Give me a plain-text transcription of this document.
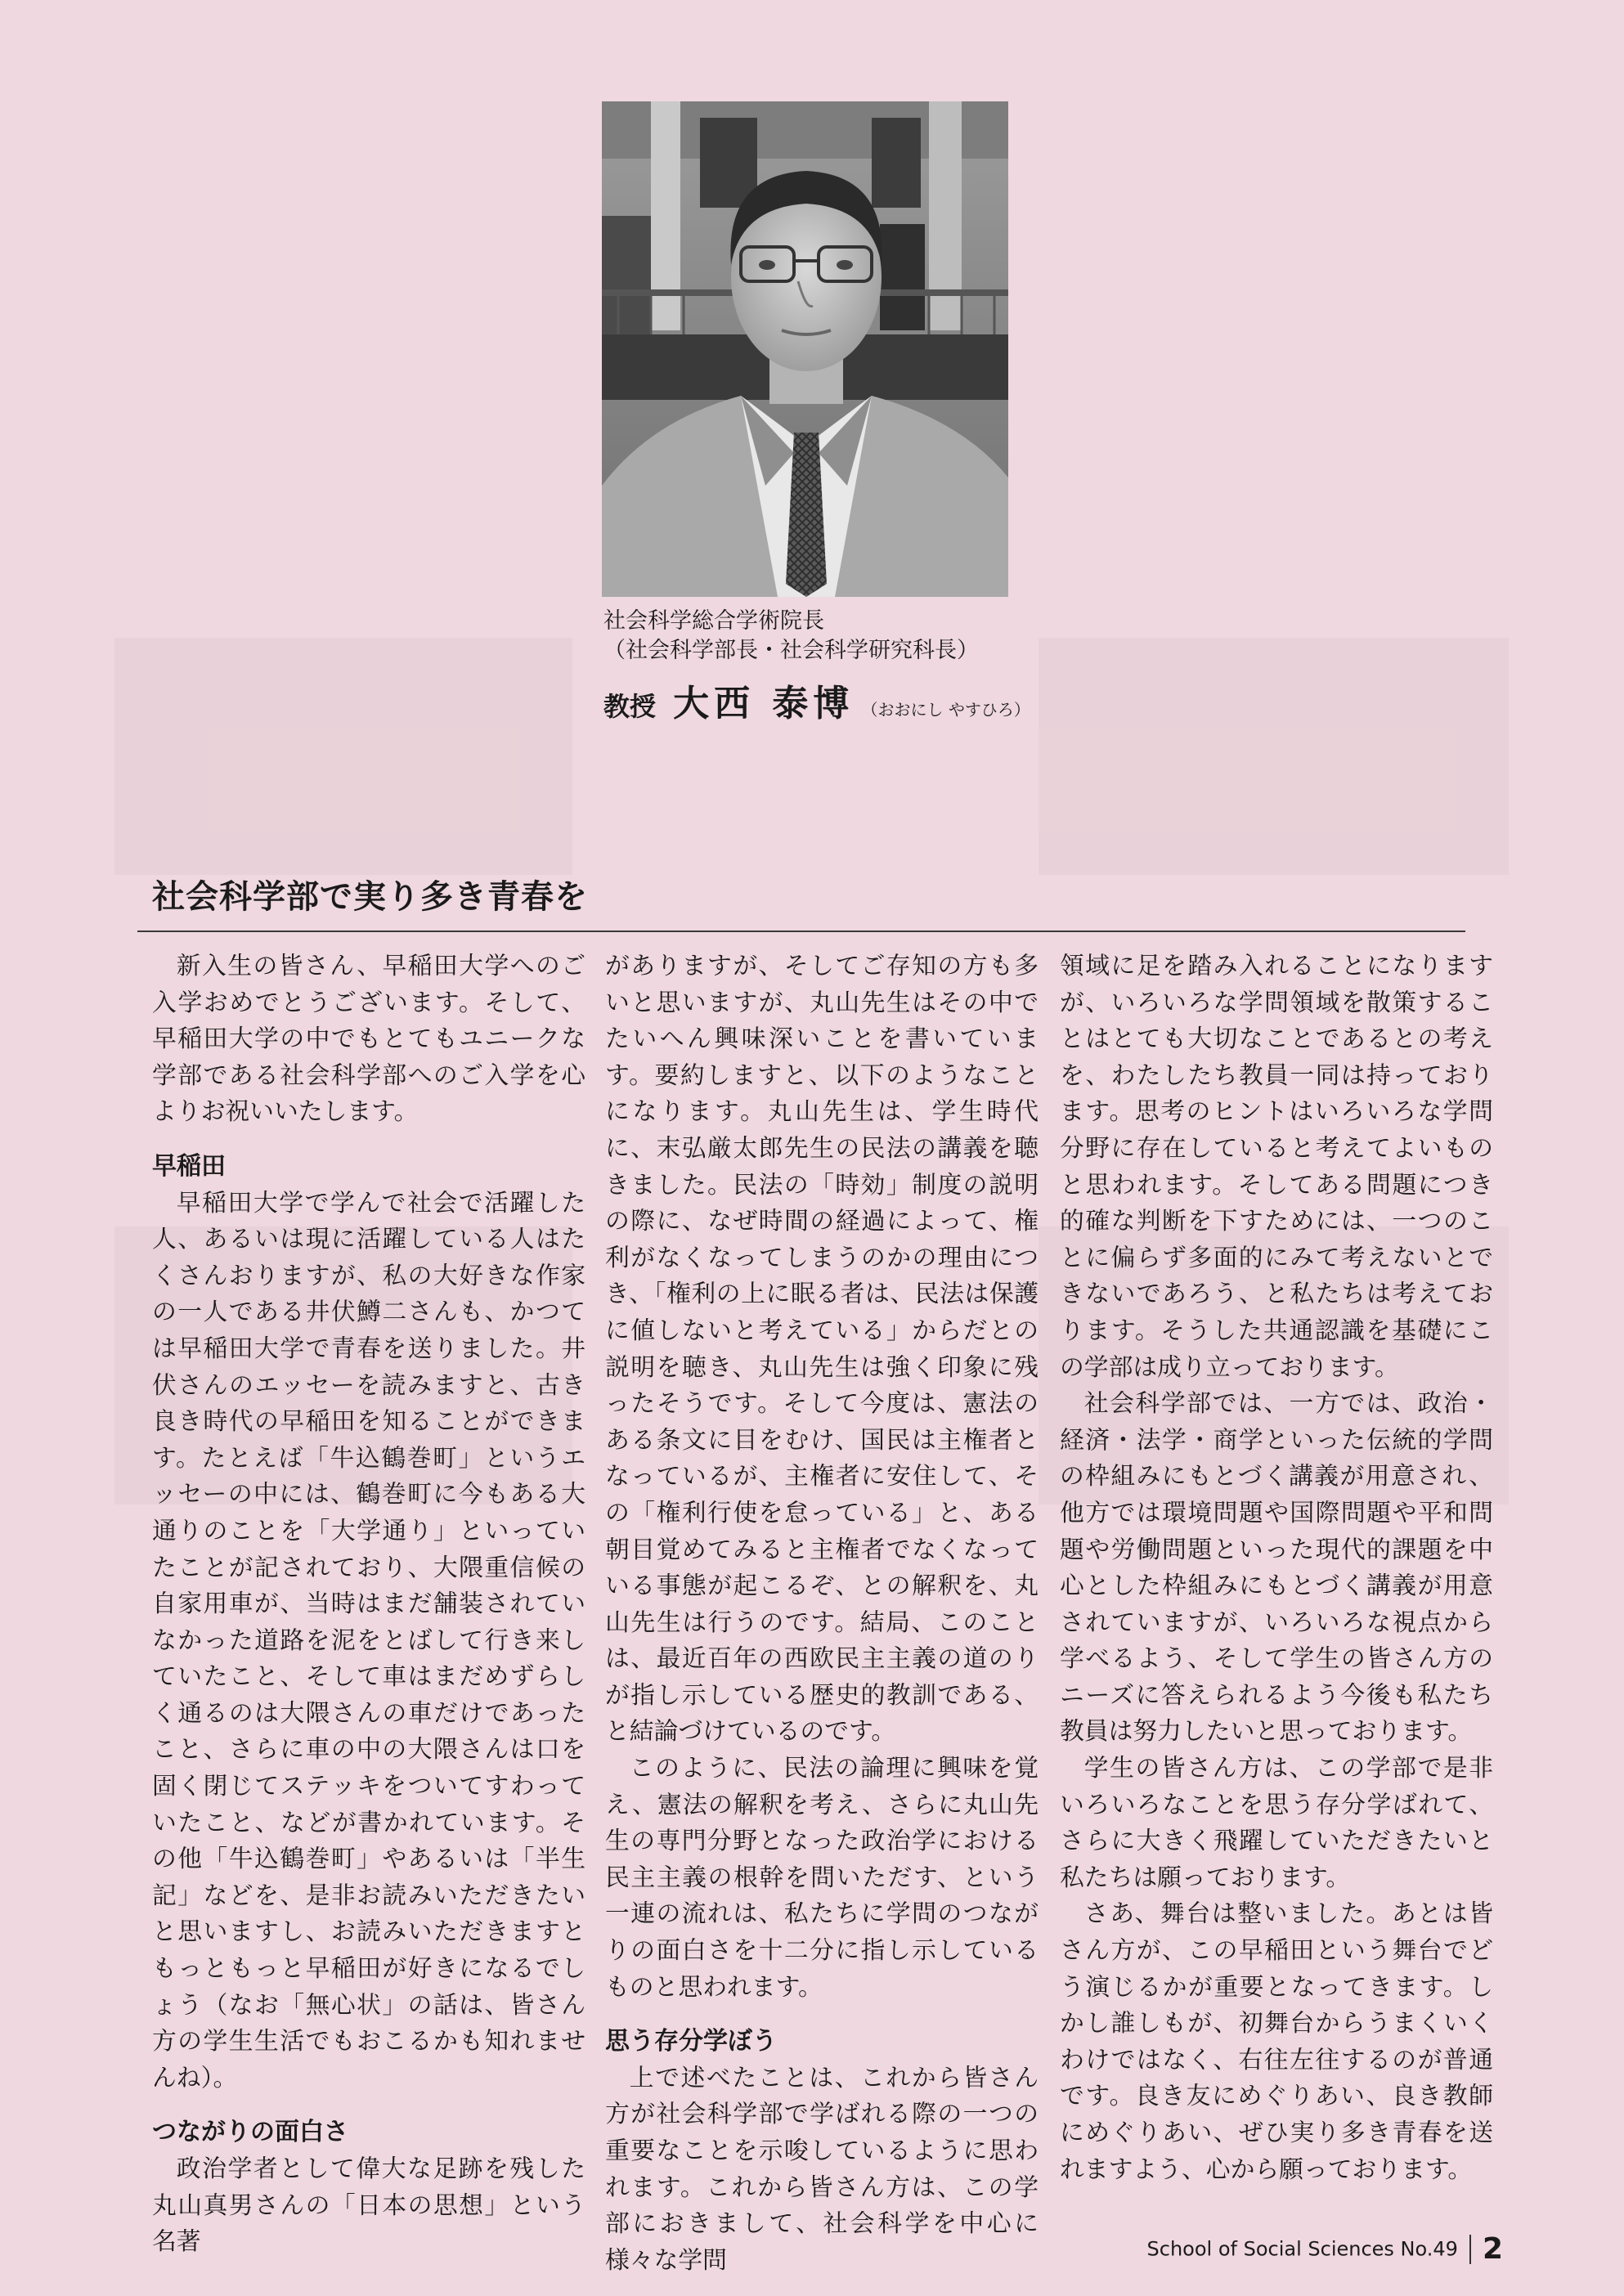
社会科学総合学術院長
（社会科学部長・社会科学研究科長）
教授 大西 泰博 （おおにし やすひろ）
社会科学部で実り多き青春を

新入生の皆さん、早稲田大学へのご入学おめでとうございます。そして、早稲田大学の中でもとてもユニークな学部である社会科学部へのご入学を心よりお祝いいたします。

早稲田

早稲田大学で学んで社会で活躍した人、あるいは現に活躍している人はたくさんおりますが、私の大好きな作家の一人である井伏鱒二さんも、かつては早稲田大学で青春を送りました。井伏さんのエッセーを読みますと、古き良き時代の早稲田を知ることができます。たとえば「牛込鶴巻町」というエッセーの中には、鶴巻町に今もある大通りのことを「大学通り」といっていたことが記されており、大隈重信候の自家用車が、当時はまだ舗装されていなかった道路を泥をとばして行き来していたこと、そして車はまだめずらしく通るのは大隈さんの車だけであったこと、さらに車の中の大隈さんは口を固く閉じてステッキをついてすわっていたこと、などが書かれています。その他「牛込鶴巻町」やあるいは「半生記」などを、是非お読みいただきたいと思いますし、お読みいただきますともっともっと早稲田が好きになるでしょう（なお「無心状」の話は、皆さん方の学生生活でもおこるかも知れませんね）。

つながりの面白さ

政治学者として偉大な足跡を残した丸山真男さんの「日本の思想」という名著

がありますが、そしてご存知の方も多いと思いますが、丸山先生はその中でたいへん興味深いことを書いています。要約しますと、以下のようなことになります。丸山先生は、学生時代に、末弘厳太郎先生の民法の講義を聴きました。民法の「時効」制度の説明の際に、なぜ時間の経過によって、権利がなくなってしまうのかの理由につき、「権利の上に眠る者は、民法は保護に値しないと考えている」からだとの説明を聴き、丸山先生は強く印象に残ったそうです。そして今度は、憲法のある条文に目をむけ、国民は主権者となっているが、主権者に安住して、その「権利行使を怠っている」と、ある朝目覚めてみると主権者でなくなっている事態が起こるぞ、との解釈を、丸山先生は行うのです。結局、このことは、最近百年の西欧民主主義の道のりが指し示している歴史的教訓である、と結論づけているのです。

このように、民法の論理に興味を覚え、憲法の解釈を考え、さらに丸山先生の専門分野となった政治学における民主主義の根幹を問いただす、という一連の流れは、私たちに学問のつながりの面白さを十二分に指し示しているものと思われます。

思う存分学ぼう

上で述べたことは、これから皆さん方が社会科学部で学ばれる際の一つの重要なことを示唆しているように思われます。これから皆さん方は、この学部におきまして、社会科学を中心に様々な学問

領域に足を踏み入れることになりますが、いろいろな学問領域を散策することはとても大切なことであるとの考えを、わたしたち教員一同は持っております。思考のヒントはいろいろな学問分野に存在していると考えてよいものと思われます。そしてある問題につき的確な判断を下すためには、一つのことに偏らず多面的にみて考えないとできないであろう、と私たちは考えております。そうした共通認識を基礎にこの学部は成り立っております。

社会科学部では、一方では、政治・経済・法学・商学といった伝統的学問の枠組みにもとづく講義が用意され、他方では環境問題や国際問題や平和問題や労働問題といった現代的課題を中心とした枠組みにもとづく講義が用意されていますが、いろいろな視点から学べるよう、そして学生の皆さん方のニーズに答えられるよう今後も私たち教員は努力したいと思っております。

学生の皆さん方は、この学部で是非いろいろなことを思う存分学ばれて、さらに大きく飛躍していただきたいと私たちは願っております。

さあ、舞台は整いました。あとは皆さん方が、この早稲田という舞台でどう演じるかが重要となってきます。しかし誰しもが、初舞台からうまくいくわけではなく、右往左往するのが普通です。良き友にめぐりあい、良き教師にめぐりあい、ぜひ実り多き青春を送れますよう、心から願っております。

School of Social Sciences No.49 2
